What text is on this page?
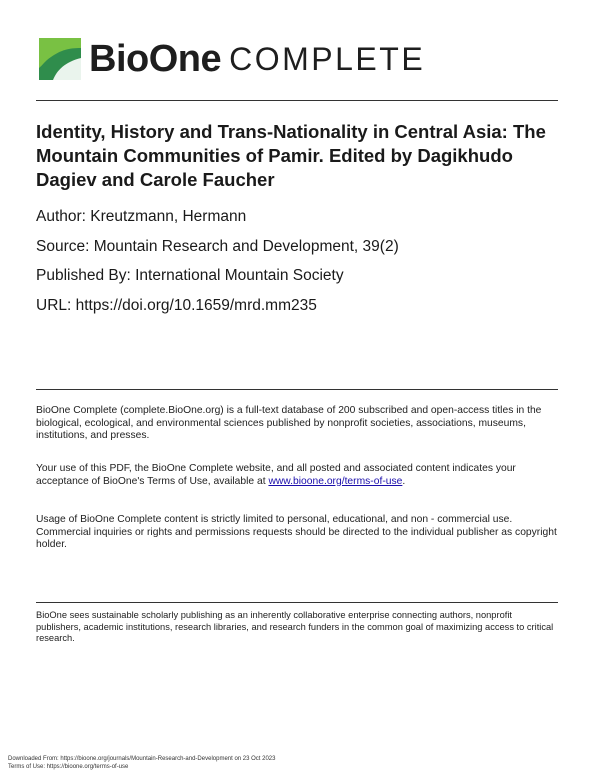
BioOne COMPLETE
Identity, History and Trans-Nationality in Central Asia: The Mountain Communities of Pamir. Edited by Dagikhudo Dagiev and Carole Faucher
Author: Kreutzmann, Hermann
Source: Mountain Research and Development, 39(2)
Published By: International Mountain Society
URL: https://doi.org/10.1659/mrd.mm235

BioOne Complete (complete.BioOne.org) is a full-text database of 200 subscribed and open-access titles in the biological, ecological, and environmental sciences published by nonprofit societies, associations, museums, institutions, and presses.

Your use of this PDF, the BioOne Complete website, and all posted and associated content indicates your acceptance of BioOne's Terms of Use, available at www.bioone.org/terms-of-use.

Usage of BioOne Complete content is strictly limited to personal, educational, and non - commercial use. Commercial inquiries or rights and permissions requests should be directed to the individual publisher as copyright holder.

BioOne sees sustainable scholarly publishing as an inherently collaborative enterprise connecting authors, nonprofit publishers, academic institutions, research libraries, and research funders in the common goal of maximizing access to critical research.

Downloaded From: https://bioone.org/journals/Mountain-Research-and-Development on 23 Oct 2023
Terms of Use: https://bioone.org/terms-of-use
